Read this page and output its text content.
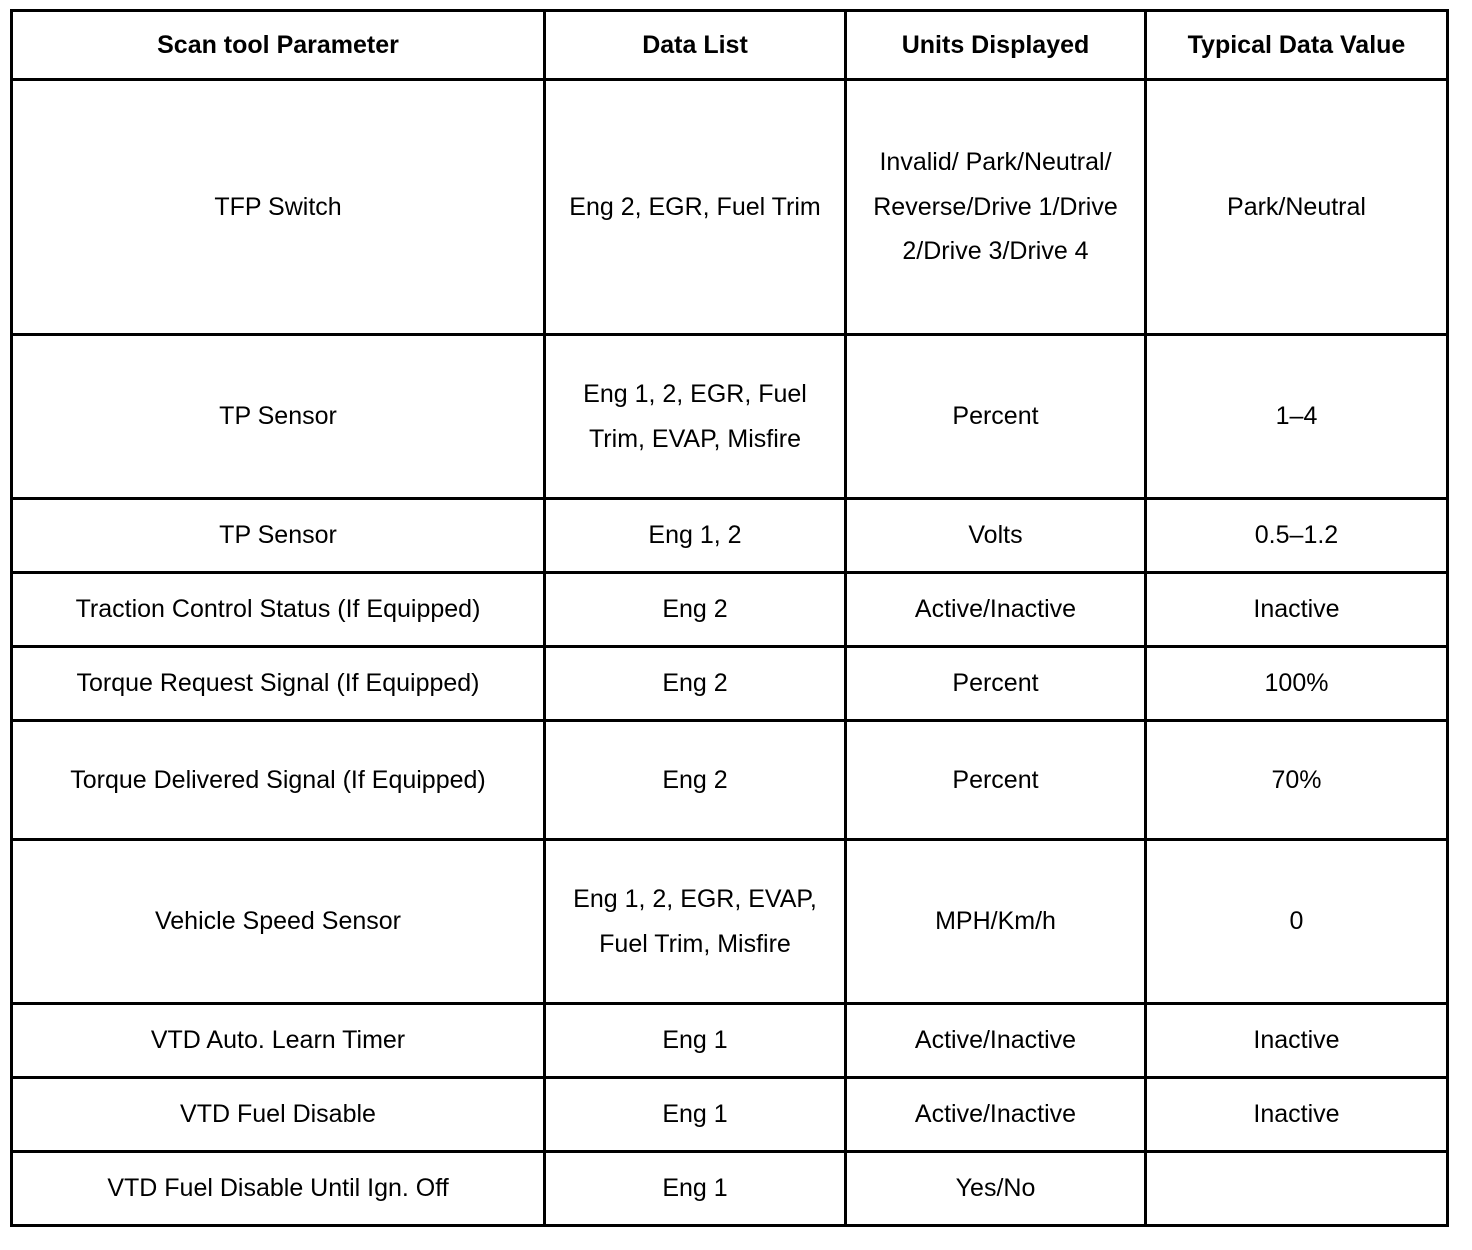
Scan tool Parameter	Data List	Units Displayed	Typical Data Value
TFP Switch	Eng 2, EGR, Fuel Trim	Invalid/ Park/Neutral/ Reverse/Drive 1/Drive 2/Drive 3/Drive 4	Park/Neutral
TP Sensor	Eng 1, 2, EGR, Fuel Trim, EVAP, Misfire	Percent	1–4
TP Sensor	Eng 1, 2	Volts	0.5–1.2
Traction Control Status (If Equipped)	Eng 2	Active/Inactive	Inactive
Torque Request Signal (If Equipped)	Eng 2	Percent	100%
Torque Delivered Signal (If Equipped)	Eng 2	Percent	70%
Vehicle Speed Sensor	Eng 1, 2, EGR, EVAP, Fuel Trim, Misfire	MPH/Km/h	0
VTD Auto. Learn Timer	Eng 1	Active/Inactive	Inactive
VTD Fuel Disable	Eng 1	Active/Inactive	Inactive
VTD Fuel Disable Until Ign. Off	Eng 1	Yes/No	
